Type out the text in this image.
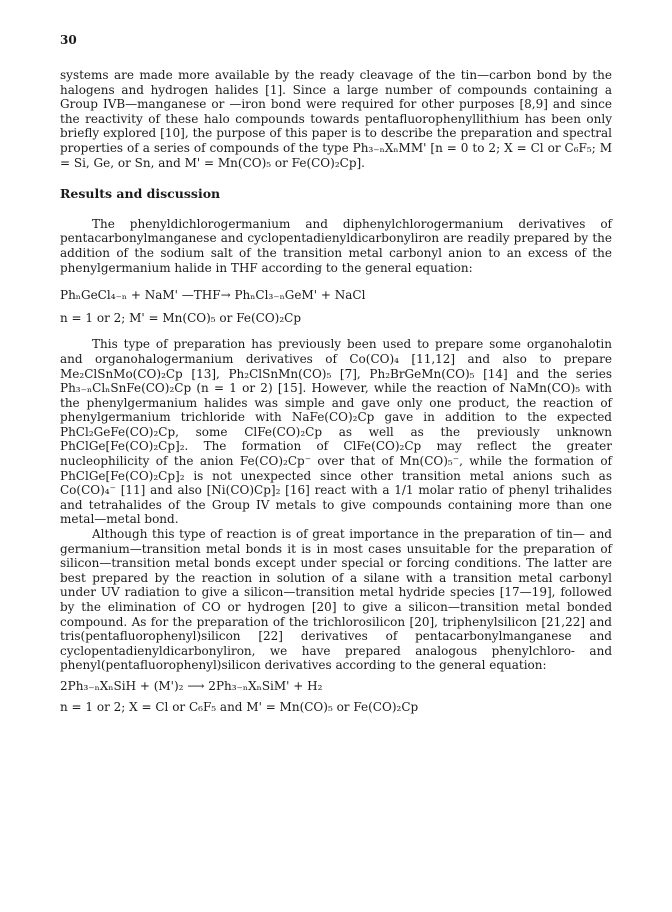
30

systems are made more available by the ready cleavage of the tin—carbon bond by the halogens and hydrogen halides [1]. Since a large number of compounds containing a Group IVB—manganese or —iron bond were required for other purposes [8,9] and since the reactivity of these halo compounds towards pentafluorophenyllithium has been only briefly explored [10], the purpose of this paper is to describe the preparation and spectral properties of a series of compounds of the type Ph₃₋ₙXₙMM' [n = 0 to 2; X = Cl or C₆F₅; M = Si, Ge, or Sn, and M' = Mn(CO)₅ or Fe(CO)₂Cp].

Results and discussion

The phenyldichlorogermanium and diphenylchlorogermanium derivatives of pentacarbonylmanganese and cyclopentadienyldicarbonyliron are readily prepared by the addition of the sodium salt of the transition metal carbonyl anion to an excess of the phenylgermanium halide in THF according to the general equation:

PhₙGeCl₄₋ₙ + NaM' —THF→ PhₙCl₃₋ₙGeM' + NaCl

n = 1 or 2; M' = Mn(CO)₅ or Fe(CO)₂Cp

This type of preparation has previously been used to prepare some organohalotin and organohalogermanium derivatives of Co(CO)₄ [11,12] and also to prepare Me₂ClSnMo(CO)₂Cp [13], Ph₂ClSnMn(CO)₅ [7], Ph₂BrGeMn(CO)₅ [14] and the series Ph₃₋ₙClₙSnFe(CO)₂Cp (n = 1 or 2) [15]. However, while the reaction of NaMn(CO)₅ with the phenylgermanium halides was simple and gave only one product, the reaction of phenylgermanium trichloride with NaFe(CO)₂Cp gave in addition to the expected PhCl₂GeFe(CO)₂Cp, some ClFe(CO)₂Cp as well as the previously unknown PhClGe[Fe(CO)₂Cp]₂. The formation of ClFe(CO)₂Cp may reflect the greater nucleophilicity of the anion Fe(CO)₂Cp⁻ over that of Mn(CO)₅⁻, while the formation of PhClGe[Fe(CO)₂Cp]₂ is not unexpected since other transition metal anions such as Co(CO)₄⁻ [11] and also [Ni(CO)Cp]₂ [16] react with a 1/1 molar ratio of phenyl trihalides and tetrahalides of the Group IV metals to give compounds containing more than one metal—metal bond.

Although this type of reaction is of great importance in the preparation of tin— and germanium—transition metal bonds it is in most cases unsuitable for the preparation of silicon—transition metal bonds except under special or forcing conditions. The latter are best prepared by the reaction in solution of a silane with a transition metal carbonyl under UV radiation to give a silicon—transition metal hydride species [17—19], followed by the elimination of CO or hydrogen [20] to give a silicon—transition metal bonded compound. As for the preparation of the trichlorosilicon [20], triphenylsilicon [21,22] and tris(pentafluorophenyl)silicon [22] derivatives of pentacarbonylmanganese and cyclopentadienyldicarbonyliron, we have prepared analogous phenylchloro- and phenyl(pentafluorophenyl)silicon derivatives according to the general equation:

2Ph₃₋ₙXₙSiH + (M')₂ ⟶ 2Ph₃₋ₙXₙSiM' + H₂

n = 1 or 2; X = Cl or C₆F₅ and M' = Mn(CO)₅ or Fe(CO)₂Cp
